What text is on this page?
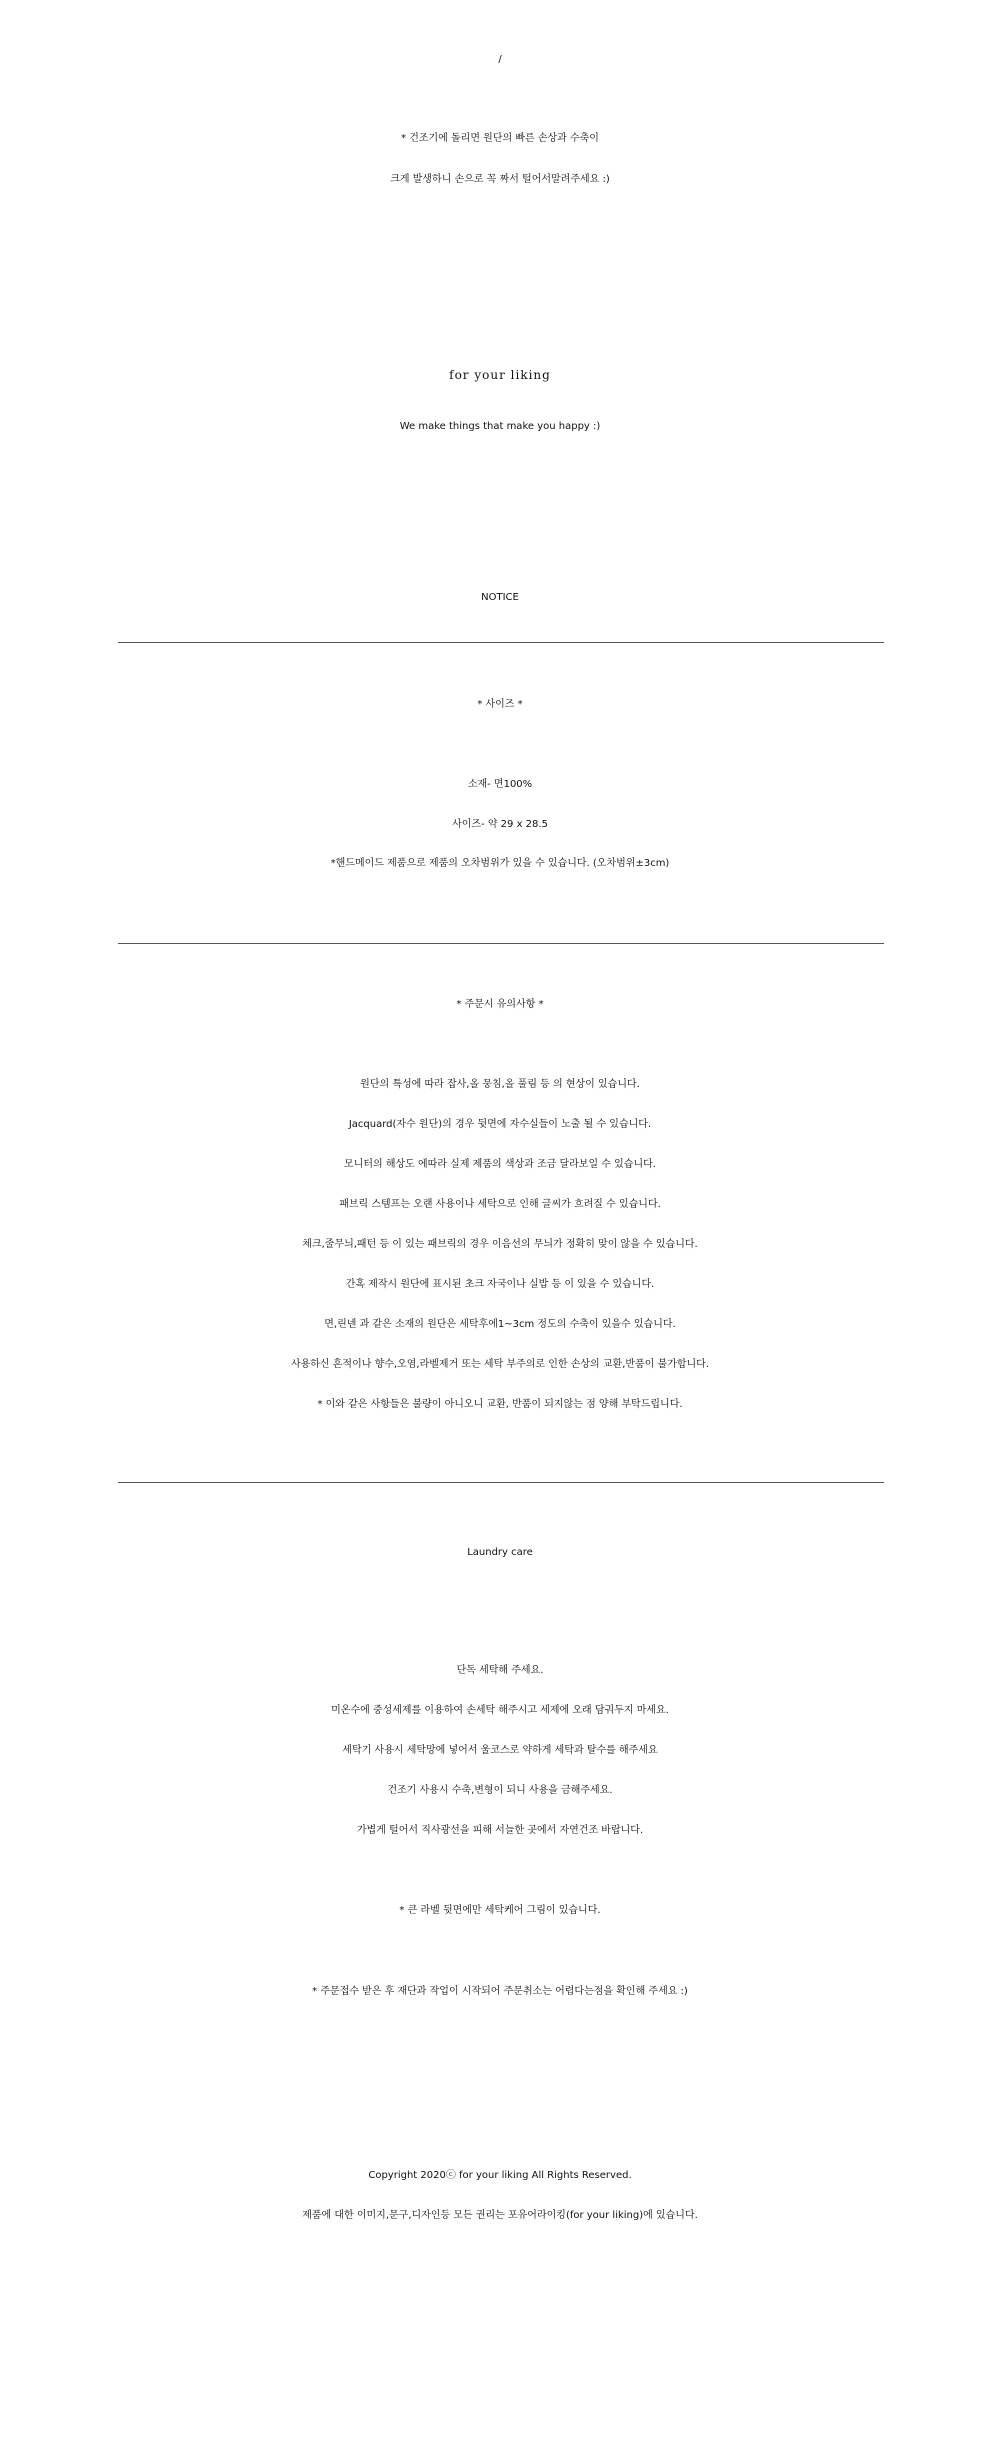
/
* 건조기에 돌리면 원단의 빠른 손상과 수축이
크게 발생하니 손으로 꼭 짜서 털어서말려주세요 :)
for your liking
We make things that make you happy :)
NOTICE
* 사이즈 *
소재- 면100%
사이즈- 약 29 x 28.5
*핸드메이드 제품으로 제품의 오차범위가 있을 수 있습니다. (오차범위±3cm)
* 주문시 유의사항 *
원단의 특성에 따라 잡사,올 뭉침,올 풀림 등 의 현상이 있습니다.
Jacquard(자수 원단)의 경우 뒷면에 자수실들이 노출 될 수 있습니다.
모니터의 해상도 에따라 실제 제품의 색상과 조금 달라보일 수 있습니다.
패브릭 스템프는 오랜 사용이나 세탁으로 인해 글씨가 흐려질 수 있습니다.
체크,줄무늬,패턴 등 이 있는 패브릭의 경우 이음선의 무늬가 정확히 맞이 않을 수 있습니다.
간혹 제작시 원단에 표시된 초크 자국이나 실밥 등 이 있을 수 있습니다.
면,린넨 과 같은 소재의 원단은 세탁후에1~3cm 정도의 수축이 있을수 있습니다.
사용하신 흔적이나 향수,오염,라벨제거 또는 세탁 부주의로 인한 손상의 교환,반품이 불가합니다.
* 이와 같은 사항들은 불량이 아니오니 교환, 반품이 되지않는 점 양해 부탁드립니다.
Laundry care
단독 세탁해 주세요.
미온수에 중성세제를 이용하여 손세탁 해주시고 세제에 오래 담궈두지 마세요.
세탁기 사용시 세탁망에 넣어서 울코스로 약하게 세탁과 탈수를 해주세요
건조기 사용시 수축,변형이 되니 사용을 금해주세요.
가볍게 털어서 직사광선을 피해 서늘한 곳에서 자연건조 바랍니다.
* 큰 라벨 뒷면에만 세탁케어 그림이 있습니다.
* 주문접수 받은 후 재단과 작업이 시작되어 주문취소는 어렵다는점을 확인해 주세요 :)
Copyright 2020ⓒ for your liking All Rights Reserved.
제품에 대한 이미지,문구,디자인등 모든 권리는 포유어라이킹(for your liking)에 있습니다.
